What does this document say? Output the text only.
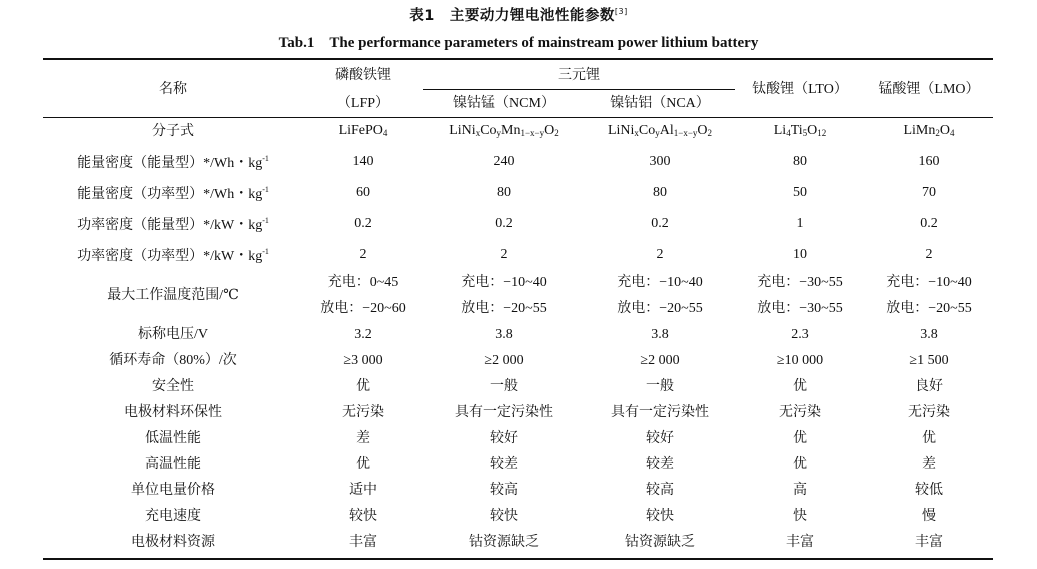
表1　主要动力锂电池性能参数[3]
Tab.1　The performance parameters of mainstream power lithium battery
名称	磷酸铁锂	三元锂		钛酸锂（LTO）	锰酸锂（LMO）
	（LFP）	镍钴锰（NCM）	镍钴铝（NCA）		
分子式	LiFePO$_4$	$LiNi_xCo_yMn_{1-x-y}O_2$	$LiNi_xCo_yAl_{1-x-y}O_2$	$Li_4Ti_5O_{12}$	$LiMn_2O_4$
能量密度（能量型）*/Wh・$kg^{-1}$	140	240	300	80	160
能量密度（功率型）*/Wh・$kg^{-1}$	60	80	80	50	70
功率密度（能量型）*/kW・$kg^{-1}$	0.2	0.2	0.2	1	0.2
功率密度（功率型）*/kW・$kg^{-1}$	2	2	2	10	2
最大工作温度范围/℃	充电：0~45	充电：−10~40	充电：−10~40	充电：−30~55	充电：−10~40
	放电：−20~60	放电：−20~55	放电：−20~55	放电：−30~55	放电：−20~55
标称电压/V	3.2	3.8	3.8	2.3	3.8
循环寿命（80%）/次	≥3 000	≥2 000	≥2 000	≥10 000	≥1 500
安全性	优	一般	一般	优	良好
电极材料环保性	无污染	具有一定污染性	具有一定污染性	无污染	无污染
低温性能	差	较好	较好	优	优
高温性能	优	较差	较差	优	差
单位电量价格	适中	较高	较高	高	较低
充电速度	较快	较快	较快	快	慢
电极材料资源	丰富	钴资源缺乏	钴资源缺乏	丰富	丰富
